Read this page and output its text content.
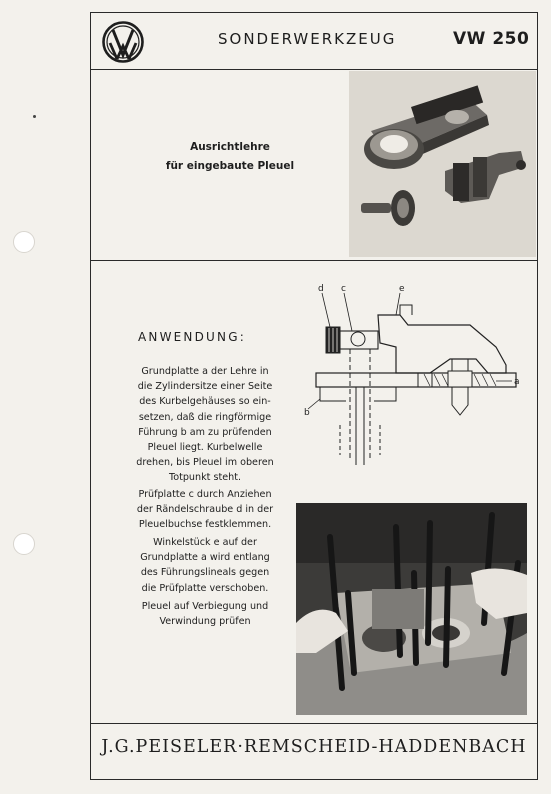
SONDERWERKZEUG	VW 250
Ausrichtlehre
für eingebaute Pleuel
ANWENDUNG:
Grundplatte a der Lehre in
die Zylindersitze einer Seite
des Kurbelgehäuses so ein-
setzen, daß die ringförmige
Führung b am zu prüfenden
Pleuel liegt. Kurbelwelle
drehen, bis Pleuel im oberen
Totpunkt steht.
Prüfplatte c durch Anziehen
der Rändelschraube d in der
Pleuelbuchse festklemmen.
Winkelstück e auf der
Grundplatte a wird entlang
des Führungslineals gegen
die Prüfplatte verschoben.
Pleuel auf Verbiegung und
Verwindung prüfen
d c	e
a
b
J.G.PEISELER·REMSCHEID-HADDENBACH
